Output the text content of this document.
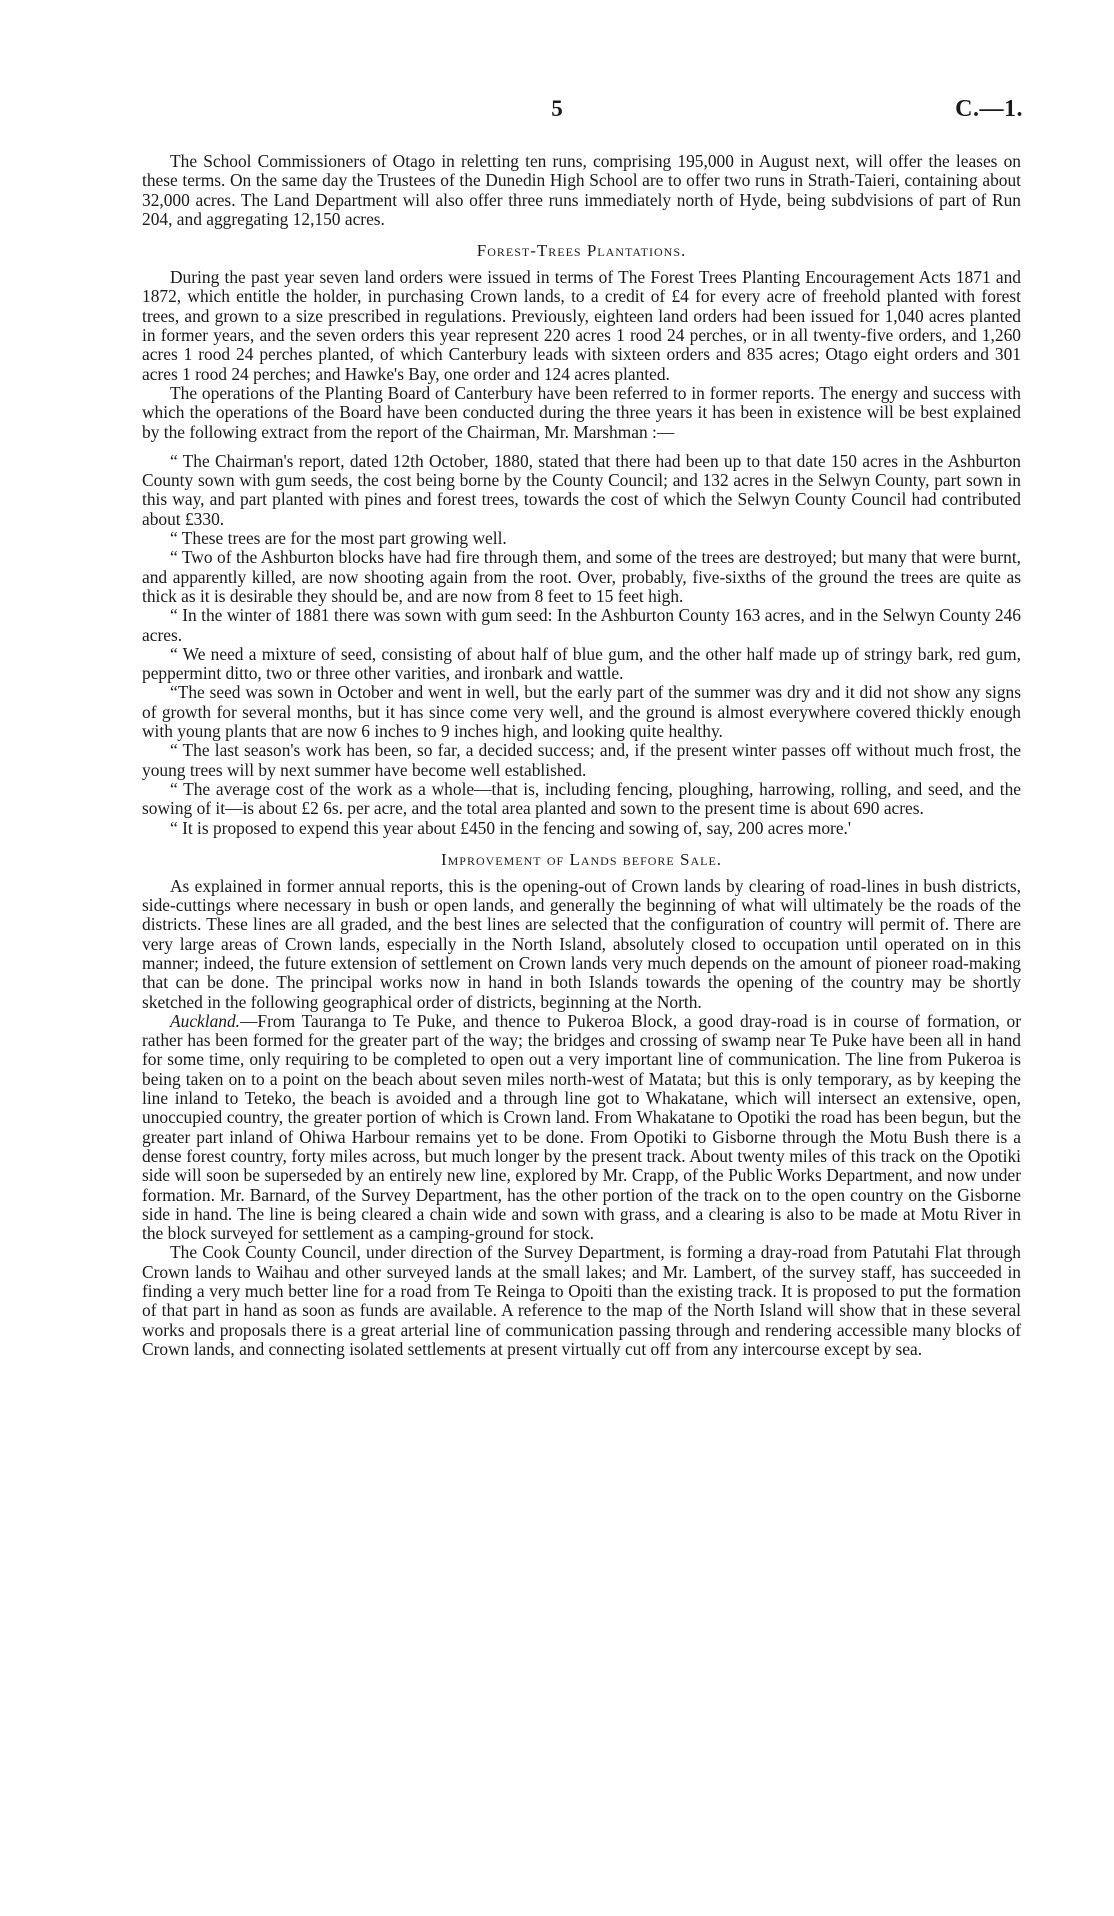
5	C.—1.

The School Commissioners of Otago in reletting ten runs, comprising 195,000 in August next, will offer the leases on these terms. On the same day the Trustees of the Dunedin High School are to offer two runs in Strath-Taieri, containing about 32,000 acres. The Land Department will also offer three runs immediately north of Hyde, being subdvisions of part of Run 204, and aggregating 12,150 acres.

Forest-Trees Plantations.

During the past year seven land orders were issued in terms of The Forest Trees Planting Encouragement Acts 1871 and 1872, which entitle the holder, in purchasing Crown lands, to a credit of £4 for every acre of freehold planted with forest trees, and grown to a size prescribed in regulations. Previously, eighteen land orders had been issued for 1,040 acres planted in former years, and the seven orders this year represent 220 acres 1 rood 24 perches, or in all twenty-five orders, and 1,260 acres 1 rood 24 perches planted, of which Canterbury leads with sixteen orders and 835 acres; Otago eight orders and 301 acres 1 rood 24 perches; and Hawke's Bay, one order and 124 acres planted.

The operations of the Planting Board of Canterbury have been referred to in former reports. The energy and success with which the operations of the Board have been conducted during the three years it has been in existence will be best explained by the following extract from the report of the Chairman, Mr. Marshman :—

“ The Chairman's report, dated 12th October, 1880, stated that there had been up to that date 150 acres in the Ashburton County sown with gum seeds, the cost being borne by the County Council; and 132 acres in the Selwyn County, part sown in this way, and part planted with pines and forest trees, towards the cost of which the Selwyn County Council had contributed about £330.

“ These trees are for the most part growing well.

“ Two of the Ashburton blocks have had fire through them, and some of the trees are destroyed; but many that were burnt, and apparently killed, are now shooting again from the root. Over, probably, five-sixths of the ground the trees are quite as thick as it is desirable they should be, and are now from 8 feet to 15 feet high.

“ In the winter of 1881 there was sown with gum seed: In the Ashburton County 163 acres, and in the Selwyn County 246 acres.

“ We need a mixture of seed, consisting of about half of blue gum, and the other half made up of stringy bark, red gum, peppermint ditto, two or three other varities, and ironbark and wattle.

“The seed was sown in October and went in well, but the early part of the summer was dry and it did not show any signs of growth for several months, but it has since come very well, and the ground is almost everywhere covered thickly enough with young plants that are now 6 inches to 9 inches high, and looking quite healthy.

“ The last season's work has been, so far, a decided success; and, if the present winter passes off without much frost, the young trees will by next summer have become well established.

“ The average cost of the work as a whole—that is, including fencing, ploughing, harrowing, rolling, and seed, and the sowing of it—is about £2 6s. per acre, and the total area planted and sown to the present time is about 690 acres.

“ It is proposed to expend this year about £450 in the fencing and sowing of, say, 200 acres more.'

Improvement of Lands before Sale.

As explained in former annual reports, this is the opening-out of Crown lands by clearing of road-lines in bush districts, side-cuttings where necessary in bush or open lands, and generally the beginning of what will ultimately be the roads of the districts. These lines are all graded, and the best lines are selected that the configuration of country will permit of. There are very large areas of Crown lands, especially in the North Island, absolutely closed to occupation until operated on in this manner; indeed, the future extension of settlement on Crown lands very much depends on the amount of pioneer road-making that can be done. The principal works now in hand in both Islands towards the opening of the country may be shortly sketched in the following geographical order of districts, beginning at the North.

Auckland.—From Tauranga to Te Puke, and thence to Pukeroa Block, a good dray-road is in course of formation, or rather has been formed for the greater part of the way; the bridges and crossing of swamp near Te Puke have been all in hand for some time, only requiring to be completed to open out a very important line of communication. The line from Pukeroa is being taken on to a point on the beach about seven miles north-west of Matata; but this is only temporary, as by keeping the line inland to Teteko, the beach is avoided and a through line got to Whakatane, which will intersect an extensive, open, unoccupied country, the greater portion of which is Crown land. From Whakatane to Opotiki the road has been begun, but the greater part inland of Ohiwa Harbour remains yet to be done. From Opotiki to Gisborne through the Motu Bush there is a dense forest country, forty miles across, but much longer by the present track. About twenty miles of this track on the Opotiki side will soon be superseded by an entirely new line, explored by Mr. Crapp, of the Public Works Department, and now under formation. Mr. Barnard, of the Survey Department, has the other portion of the track on to the open country on the Gisborne side in hand. The line is being cleared a chain wide and sown with grass, and a clearing is also to be made at Motu River in the block surveyed for settlement as a camping-ground for stock.

The Cook County Council, under direction of the Survey Department, is forming a dray-road from Patutahi Flat through Crown lands to Waihau and other surveyed lands at the small lakes; and Mr. Lambert, of the survey staff, has succeeded in finding a very much better line for a road from Te Reinga to Opoiti than the existing track. It is proposed to put the formation of that part in hand as soon as funds are available. A reference to the map of the North Island will show that in these several works and proposals there is a great arterial line of communication passing through and rendering accessible many blocks of Crown lands, and connecting isolated settlements at present virtually cut off from any intercourse except by sea.
